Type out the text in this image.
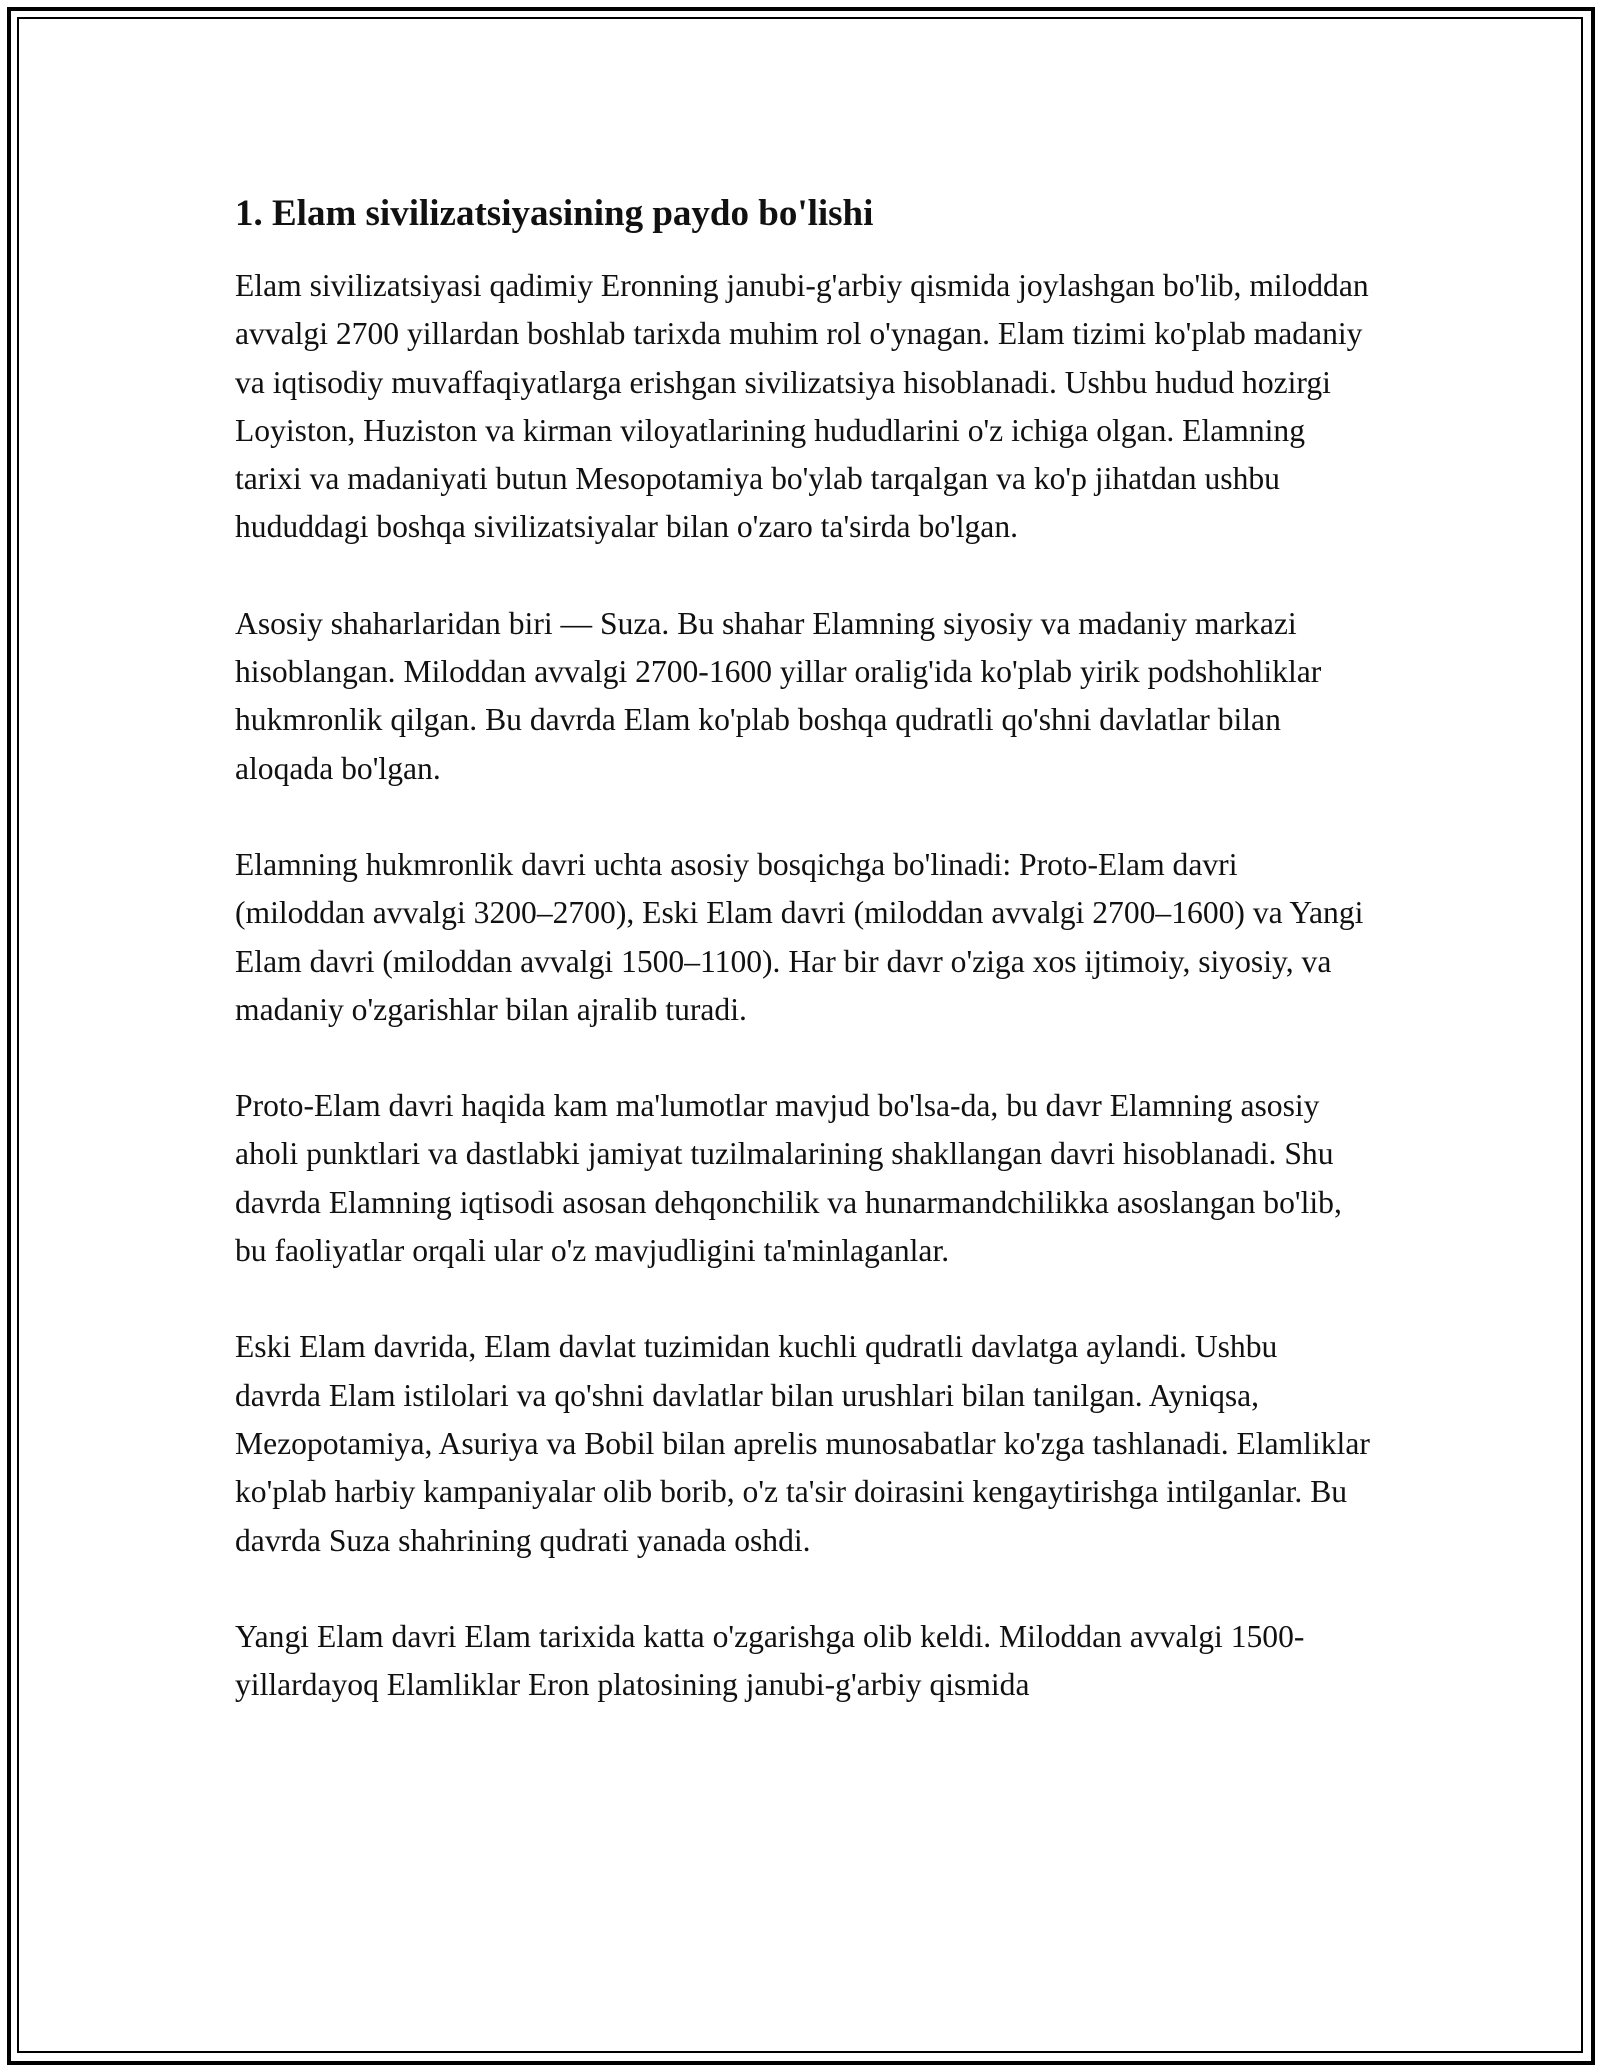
1. Elam sivilizatsiyasining paydo bo'lishi

Elam sivilizatsiyasi qadimiy Eronning janubi-g'arbiy qismida joylashgan bo'lib, miloddan avvalgi 2700 yillardan boshlab tarixda muhim rol o'ynagan. Elam tizimi ko'plab madaniy va iqtisodiy muvaffaqiyatlarga erishgan sivilizatsiya hisoblanadi. Ushbu hudud hozirgi Loyiston, Huziston va kirman viloyatlarining hududlarini o'z ichiga olgan. Elamning tarixi va madaniyati butun Mesopotamiya bo'ylab tarqalgan va ko'p jihatdan ushbu hududdagi boshqa sivilizatsiyalar bilan o'zaro ta'sirda bo'lgan.

Asosiy shaharlaridan biri — Suza. Bu shahar Elamning siyosiy va madaniy markazi hisoblangan. Miloddan avvalgi 2700-1600 yillar oralig'ida ko'plab yirik podshohliklar hukmronlik qilgan. Bu davrda Elam ko'plab boshqa qudratli qo'shni davlatlar bilan aloqada bo'lgan.

Elamning hukmronlik davri uchta asosiy bosqichga bo'linadi: Proto-Elam davri (miloddan avvalgi 3200–2700), Eski Elam davri (miloddan avvalgi 2700–1600) va Yangi Elam davri (miloddan avvalgi 1500–1100). Har bir davr o'ziga xos ijtimoiy, siyosiy, va madaniy o'zgarishlar bilan ajralib turadi.

Proto-Elam davri haqida kam ma'lumotlar mavjud bo'lsa-da, bu davr Elamning asosiy aholi punktlari va dastlabki jamiyat tuzilmalarining shakllangan davri hisoblanadi. Shu davrda Elamning iqtisodi asosan dehqonchilik va hunarmandchilikka asoslangan bo'lib, bu faoliyatlar orqali ular o'z mavjudligini ta'minlaganlar.

Eski Elam davrida, Elam davlat tuzimidan kuchli qudratli davlatga aylandi. Ushbu davrda Elam istilolari va qo'shni davlatlar bilan urushlari bilan tanilgan. Ayniqsa, Mezopotamiya, Asuriya va Bobil bilan aprelis munosabatlar ko'zga tashlanadi. Elamliklar ko'plab harbiy kampaniyalar olib borib, o'z ta'sir doirasini kengaytirishga intilganlar. Bu davrda Suza shahrining qudrati yanada oshdi.

Yangi Elam davri Elam tarixida katta o'zgarishga olib keldi. Miloddan avvalgi 1500-yillardayoq Elamliklar Eron platosining janubi-g'arbiy qismida
